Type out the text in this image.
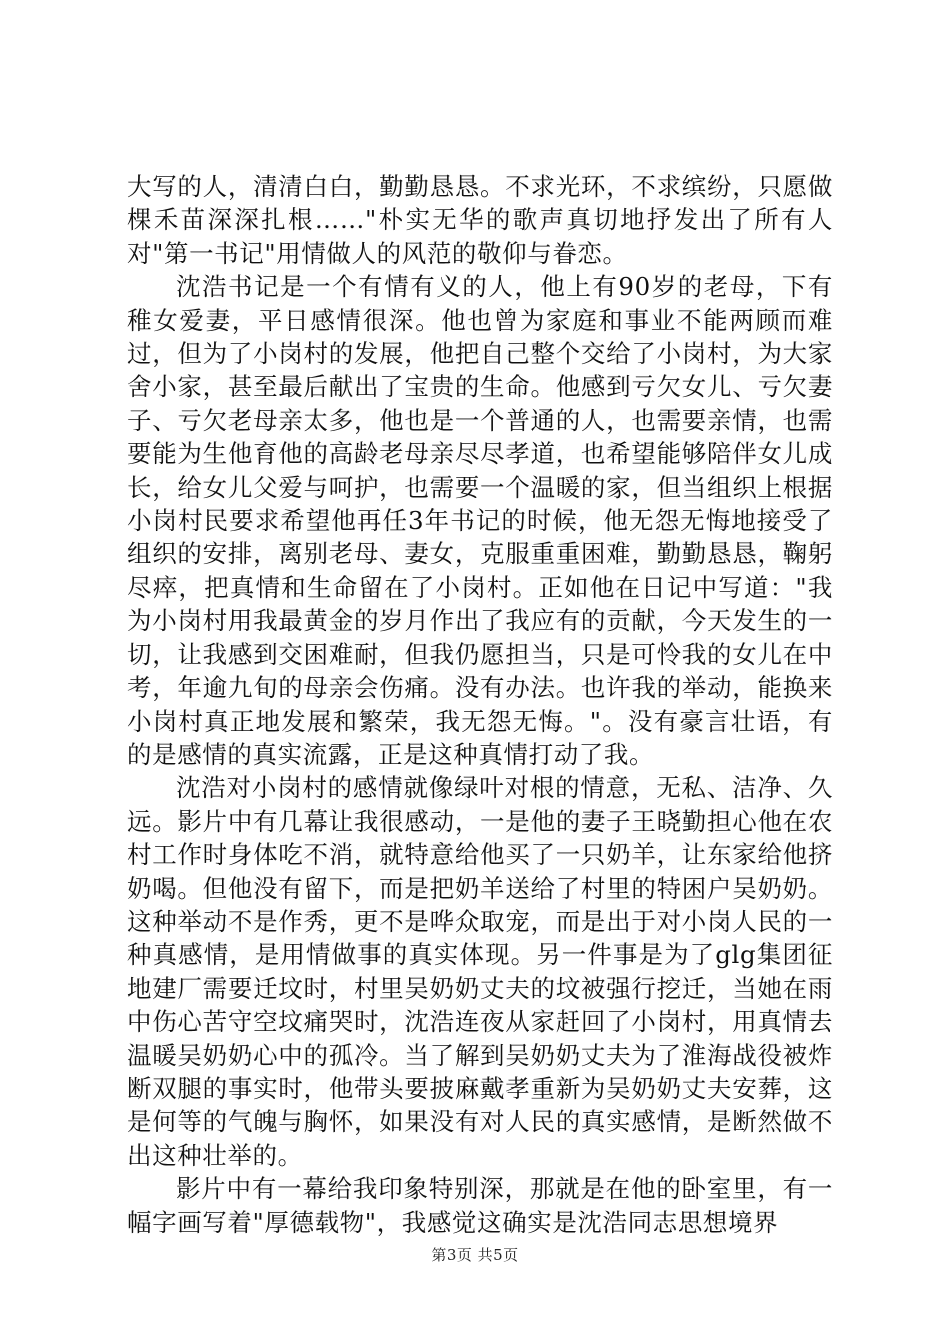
大写的人，清清白白，勤勤恳恳。不求光环，不求缤纷，只愿做棵禾苗深深扎根……"朴实无华的歌声真切地抒发出了所有人对"第一书记"用情做人的风范的敬仰与眷恋。

沈浩书记是一个有情有义的人，他上有90岁的老母，下有稚女爱妻，平日感情很深。他也曾为家庭和事业不能两顾而难过，但为了小岗村的发展，他把自己整个交给了小岗村，为大家舍小家，甚至最后献出了宝贵的生命。他感到亏欠女儿、亏欠妻子、亏欠老母亲太多，他也是一个普通的人，也需要亲情，也需要能为生他育他的高龄老母亲尽尽孝道，也希望能够陪伴女儿成长，给女儿父爱与呵护，也需要一个温暖的家，但当组织上根据小岗村民要求希望他再任3年书记的时候，他无怨无悔地接受了组织的安排，离别老母、妻女，克服重重困难，勤勤恳恳，鞠躬尽瘁，把真情和生命留在了小岗村。正如他在日记中写道："我为小岗村用我最黄金的岁月作出了我应有的贡献，今天发生的一切，让我感到交困难耐，但我仍愿担当，只是可怜我的女儿在中考，年逾九旬的母亲会伤痛。没有办法。也许我的举动，能换来小岗村真正地发展和繁荣，我无怨无悔。"。没有豪言壮语，有的是感情的真实流露，正是这种真情打动了我。

沈浩对小岗村的感情就像绿叶对根的情意，无私、洁净、久远。影片中有几幕让我很感动，一是他的妻子王晓勤担心他在农村工作时身体吃不消，就特意给他买了一只奶羊，让东家给他挤奶喝。但他没有留下，而是把奶羊送给了村里的特困户吴奶奶。这种举动不是作秀，更不是哗众取宠，而是出于对小岗人民的一种真感情，是用情做事的真实体现。另一件事是为了glg集团征地建厂需要迁坟时，村里吴奶奶丈夫的坟被强行挖迁，当她在雨中伤心苦守空坟痛哭时，沈浩连夜从家赶回了小岗村，用真情去温暖吴奶奶心中的孤冷。当了解到吴奶奶丈夫为了淮海战役被炸断双腿的事实时，他带头要披麻戴孝重新为吴奶奶丈夫安葬，这是何等的气魄与胸怀，如果没有对人民的真实感情，是断然做不出这种壮举的。

影片中有一幕给我印象特别深，那就是在他的卧室里，有一幅字画写着"厚德载物"，我感觉这确实是沈浩同志思想境界

第3页 共5页
